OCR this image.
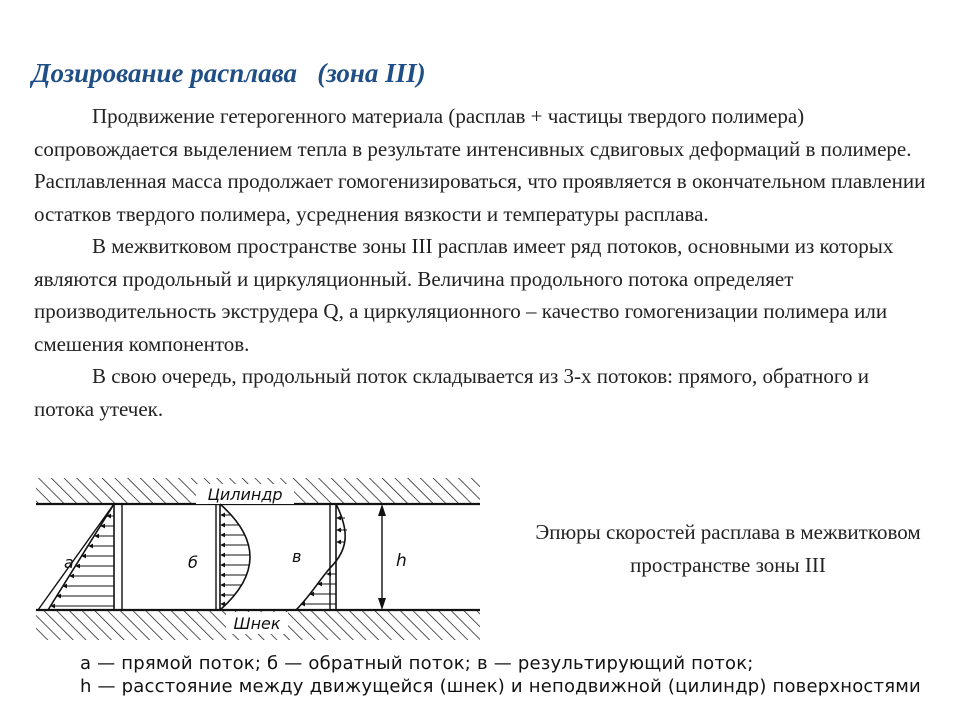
Дозирование расплава   (зона III)

Продвижение гетерогенного материала (расплав + частицы твердого полимера) сопровождается выделением тепла в результате интенсивных сдвиговых деформаций в полимере. Расплавленная масса продолжает гомогенизироваться, что проявляется в окончательном плавлении остатков твердого полимера, усреднения вязкости и температуры расплава.

В межвитковом пространстве зоны III расплав имеет ряд потоков, основными из которых являются продольный и циркуляционный. Величина продольного потока определяет производительность экструдера Q, а циркуляционного – качество гомогенизации полимера или смешения компонентов.

В свою очередь, продольный поток складывается из 3-х потоков: прямого, обратного и потока утечек.

Цилиндр
Шнек
а	б	в	h
Эпюры скоростей расплава в межвитковом пространстве зоны III
а — прямой поток; б — обратный поток; в — результирующий поток;
h — расстояние между движущейся (шнек) и неподвижной (цилиндр) поверхностями
